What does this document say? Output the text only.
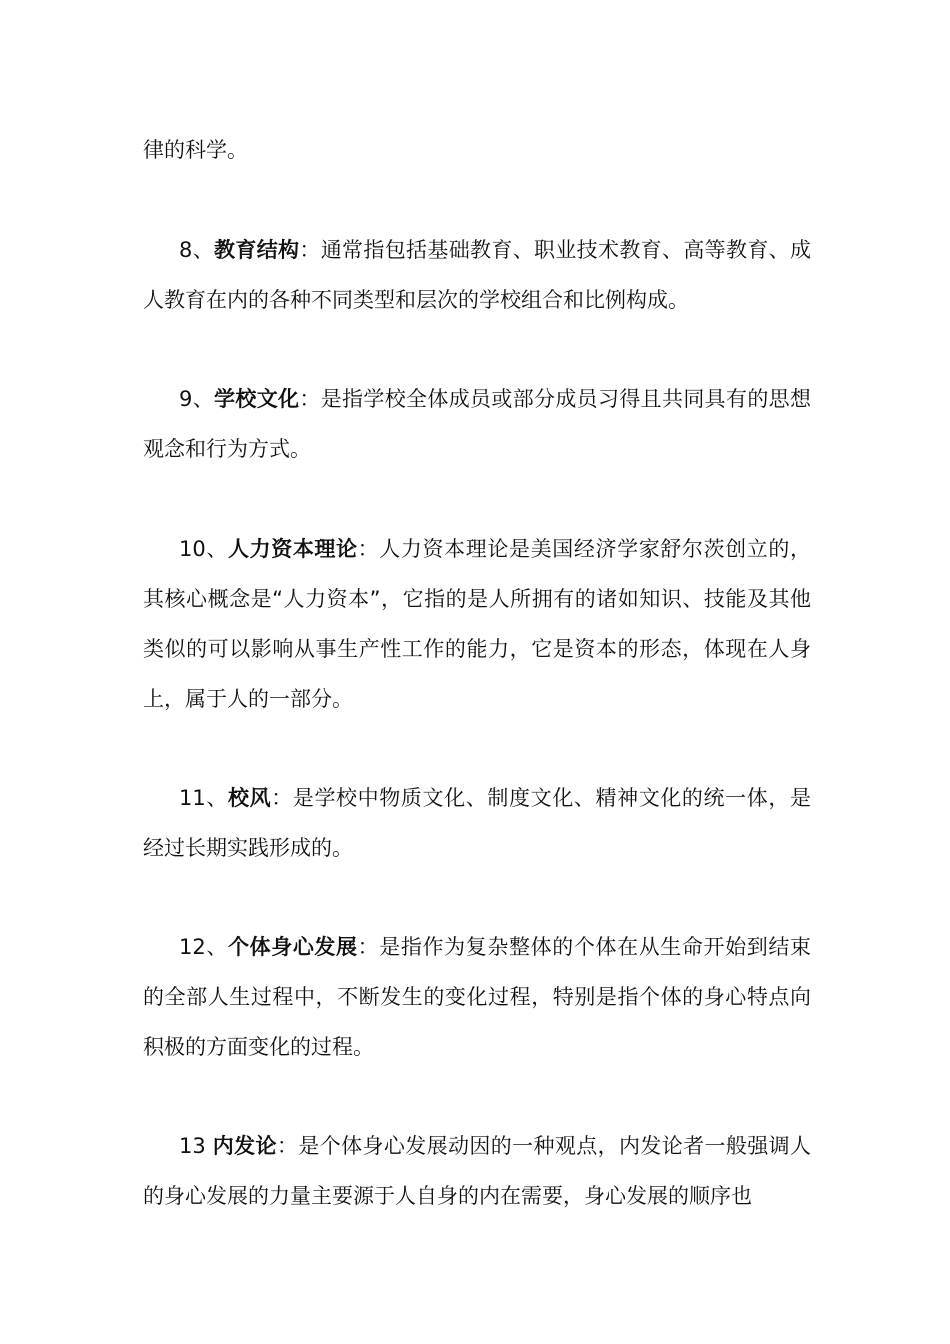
律的科学。

8、教育结构：通常指包括基础教育、职业技术教育、高等教育、成人教育在内的各种不同类型和层次的学校组合和比例构成。

9、学校文化：是指学校全体成员或部分成员习得且共同具有的思想观念和行为方式。

10、人力资本理论：人力资本理论是美国经济学家舒尔茨创立的，其核心概念是“人力资本”，它指的是人所拥有的诸如知识、技能及其他类似的可以影响从事生产性工作的能力，它是资本的形态，体现在人身上，属于人的一部分。

11、校风：是学校中物质文化、制度文化、精神文化的统一体，是经过长期实践形成的。

12、个体身心发展：是指作为复杂整体的个体在从生命开始到结束的全部人生过程中，不断发生的变化过程，特别是指个体的身心特点向积极的方面变化的过程。

13 内发论：是个体身心发展动因的一种观点，内发论者一般强调人的身心发展的力量主要源于人自身的内在需要，身心发展的顺序也
